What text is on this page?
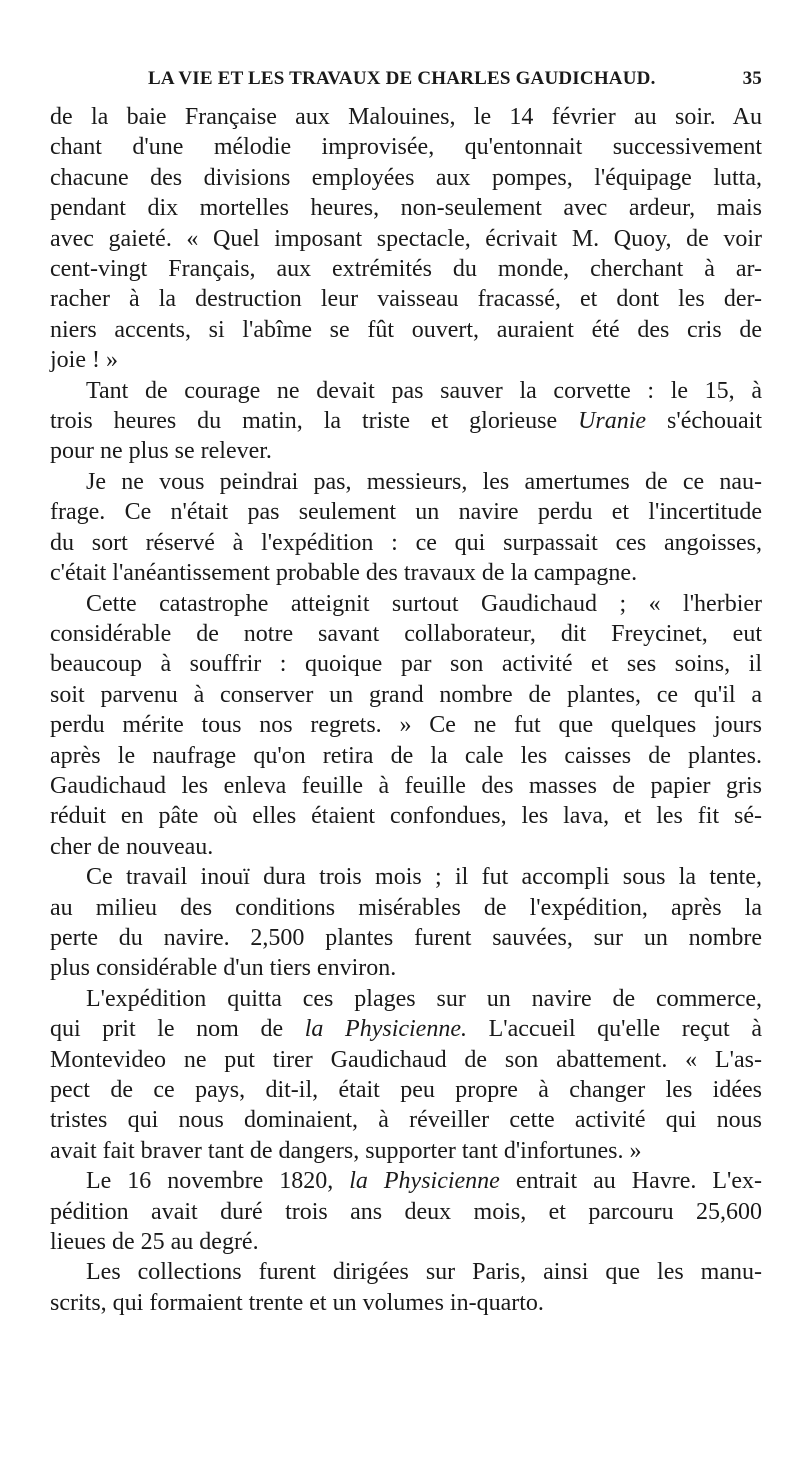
LA VIE ET LES TRAVAUX DE CHARLES GAUDICHAUD.	35
de la baie Française aux Malouines, le 14 février au soir. Au
chant d'une mélodie improvisée, qu'entonnait successivement
chacune des divisions employées aux pompes, l'équipage lutta,
pendant dix mortelles heures, non-seulement avec ardeur, mais
avec gaieté. « Quel imposant spectacle, écrivait M. Quoy, de voir
cent-vingt Français, aux extrémités du monde, cherchant à ar-
racher à la destruction leur vaisseau fracassé, et dont les der-
niers accents, si l'abîme se fût ouvert, auraient été des cris de
joie ! »
Tant de courage ne devait pas sauver la corvette : le 15, à
trois heures du matin, la triste et glorieuse Uranie s'échouait
pour ne plus se relever.
Je ne vous peindrai pas, messieurs, les amertumes de ce nau-
frage. Ce n'était pas seulement un navire perdu et l'incertitude
du sort réservé à l'expédition : ce qui surpassait ces angoisses,
c'était l'anéantissement probable des travaux de la campagne.
Cette catastrophe atteignit surtout Gaudichaud ; « l'herbier
considérable de notre savant collaborateur, dit Freycinet, eut
beaucoup à souffrir : quoique par son activité et ses soins, il
soit parvenu à conserver un grand nombre de plantes, ce qu'il a
perdu mérite tous nos regrets. » Ce ne fut que quelques jours
après le naufrage qu'on retira de la cale les caisses de plantes.
Gaudichaud les enleva feuille à feuille des masses de papier gris
réduit en pâte où elles étaient confondues, les lava, et les fit sé-
cher de nouveau.
Ce travail inouï dura trois mois ; il fut accompli sous la tente,
au milieu des conditions misérables de l'expédition, après la
perte du navire. 2,500 plantes furent sauvées, sur un nombre
plus considérable d'un tiers environ.
L'expédition quitta ces plages sur un navire de commerce,
qui prit le nom de la Physicienne. L'accueil qu'elle reçut à
Montevideo ne put tirer Gaudichaud de son abattement. « L'as-
pect de ce pays, dit-il, était peu propre à changer les idées
tristes qui nous dominaient, à réveiller cette activité qui nous
avait fait braver tant de dangers, supporter tant d'infortunes. »
Le 16 novembre 1820, la Physicienne entrait au Havre. L'ex-
pédition avait duré trois ans deux mois, et parcouru 25,600
lieues de 25 au degré.
Les collections furent dirigées sur Paris, ainsi que les manu-
scrits, qui formaient trente et un volumes in-quarto.
